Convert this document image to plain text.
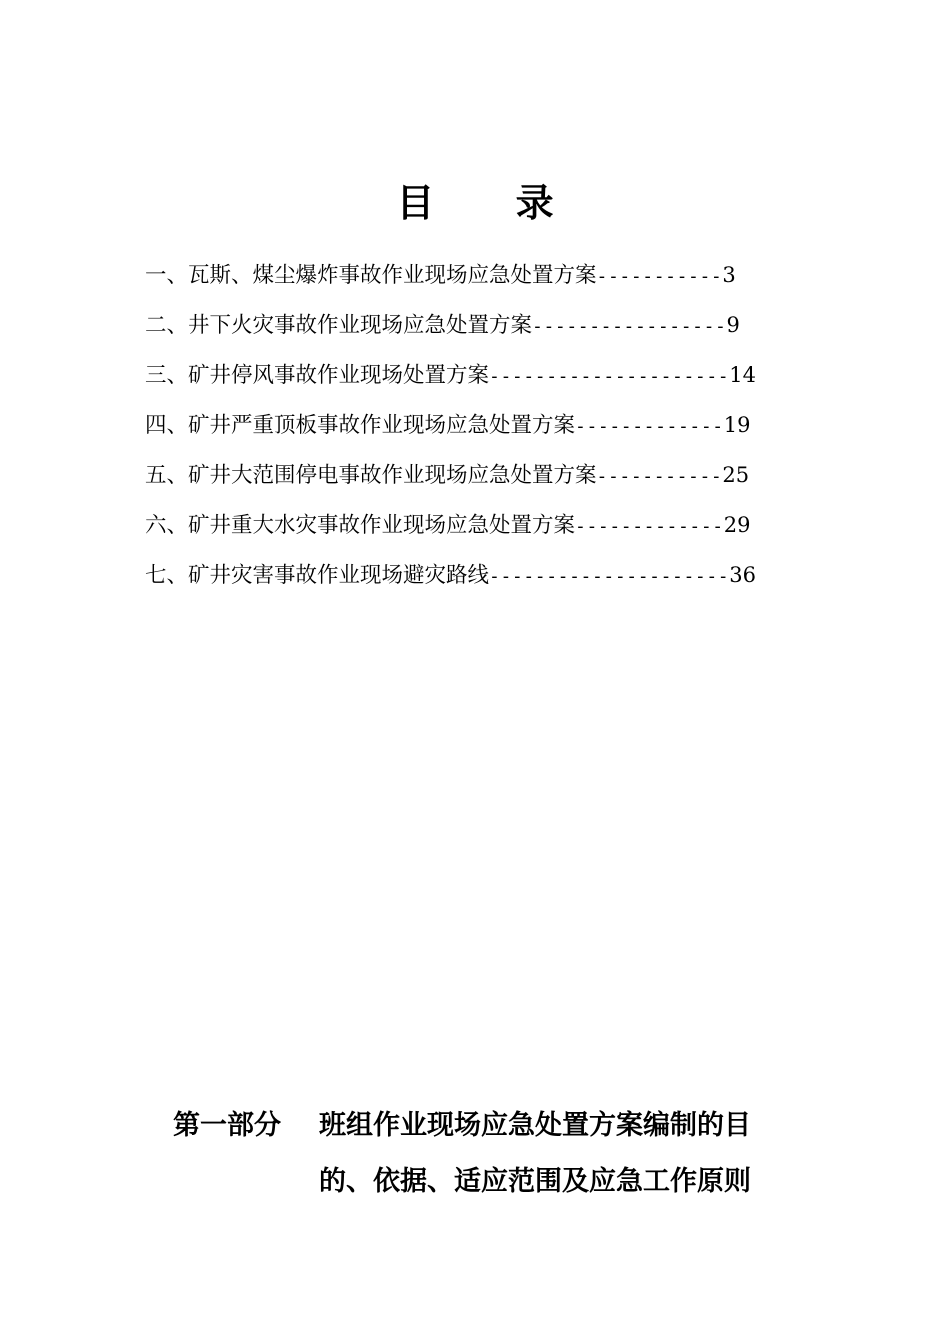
目 录
一、瓦斯、煤尘爆炸事故作业现场应急处置方案-----------3
二、井下火灾事故作业现场应急处置方案-----------------9
三、矿井停风事故作业现场处置方案---------------------14
四、矿井严重顶板事故作业现场应急处置方案-------------19
五、矿井大范围停电事故作业现场应急处置方案-----------25
六、矿井重大水灾事故作业现场应急处置方案-------------29
七、矿井灾害事故作业现场避灾路线---------------------36
第一部分	班组作业现场应急处置方案编制的目
的、依据、适应范围及应急工作原则
